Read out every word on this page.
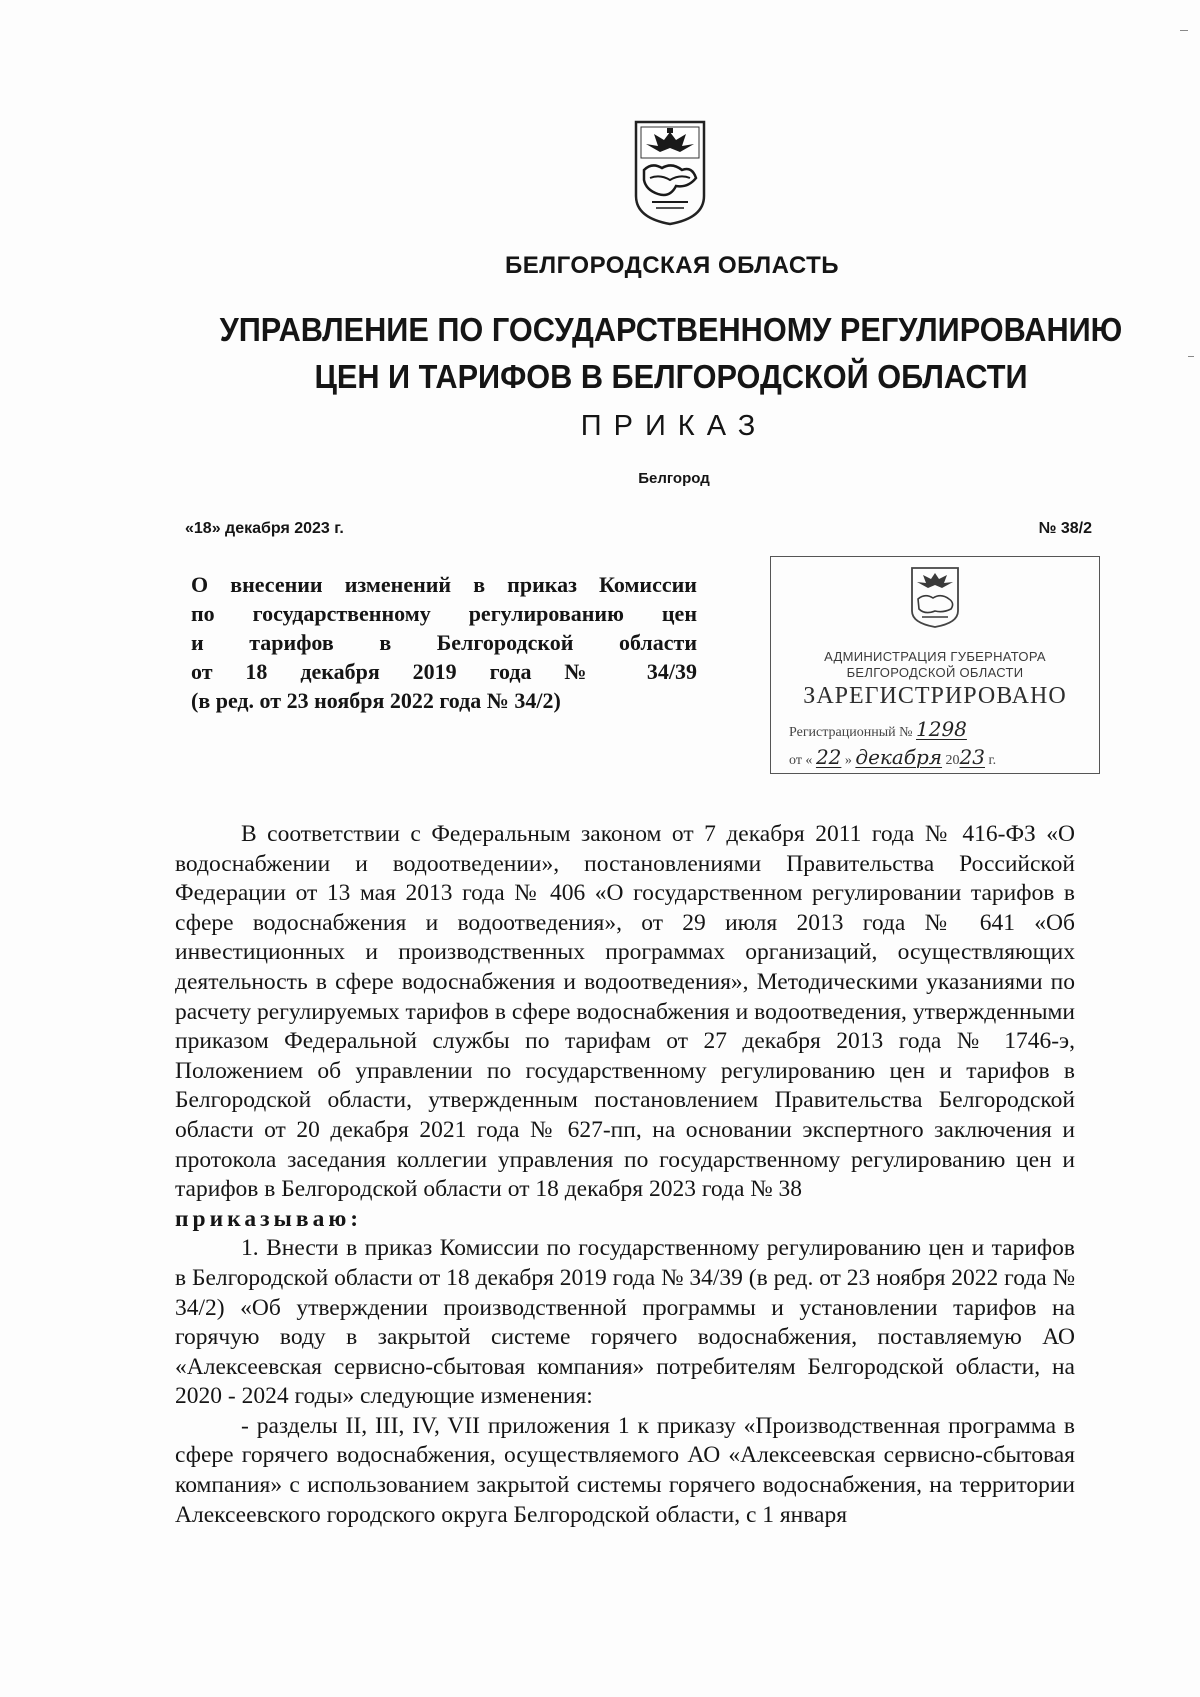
БЕЛГОРОДСКАЯ ОБЛАСТЬ
УПРАВЛЕНИЕ ПО ГОСУДАРСТВЕННОМУ РЕГУЛИРОВАНИЮ
ЦЕН И ТАРИФОВ В БЕЛГОРОДСКОЙ ОБЛАСТИ
ПРИКАЗ
Белгород
«18» декабря 2023 г.	№ 38/2
О внесении изменений в приказ Комиссии
по государственному регулированию цен
и тарифов в Белгородской области
от 18 декабря 2019 года № 34/39
(в ред. от 23 ноября 2022 года № 34/2)
АДМИНИСТРАЦИЯ ГУБЕРНАТОРА
БЕЛГОРОДСКОЙ ОБЛАСТИ
ЗАРЕГИСТРИРОВАНО
Регистрационный № 1298
от « 22 » декабря 2023 г.

В соответствии с Федеральным законом от 7 декабря 2011 года № 416-ФЗ «О водоснабжении и водоотведении», постановлениями Правительства Российской Федерации от 13 мая 2013 года № 406 «О государственном регулировании тарифов в сфере водоснабжения и водоотведения», от 29 июля 2013 года № 641 «Об инвестиционных и производственных программах организаций, осуществляющих деятельность в сфере водоснабжения и водоотведения», Методическими указаниями по расчету регулируемых тарифов в сфере водоснабжения и водоотведения, утвержденными приказом Федеральной службы по тарифам от 27 декабря 2013 года № 1746-э, Положением об управлении по государственному регулированию цен и тарифов в Белгородской области, утвержденным постановлением Правительства Белгородской области от 20 декабря 2021 года № 627-пп, на основании экспертного заключения и протокола заседания коллегии управления по государственному регулированию цен и тарифов в Белгородской области от 18 декабря 2023 года № 38

приказываю:

1. Внести в приказ Комиссии по государственному регулированию цен и тарифов в Белгородской области от 18 декабря 2019 года № 34/39 (в ред. от 23 ноября 2022 года № 34/2) «Об утверждении производственной программы и установлении тарифов на горячую воду в закрытой системе горячего водоснабжения, поставляемую АО «Алексеевская сервисно-сбытовая компания» потребителям Белгородской области, на 2020 - 2024 годы» следующие изменения:

- разделы II, III, IV, VII приложения 1 к приказу «Производственная программа в сфере горячего водоснабжения, осуществляемого АО «Алексеевская сервисно-сбытовая компания» с использованием закрытой системы горячего водоснабжения, на территории Алексеевского городского округа Белгородской области, с 1 января
